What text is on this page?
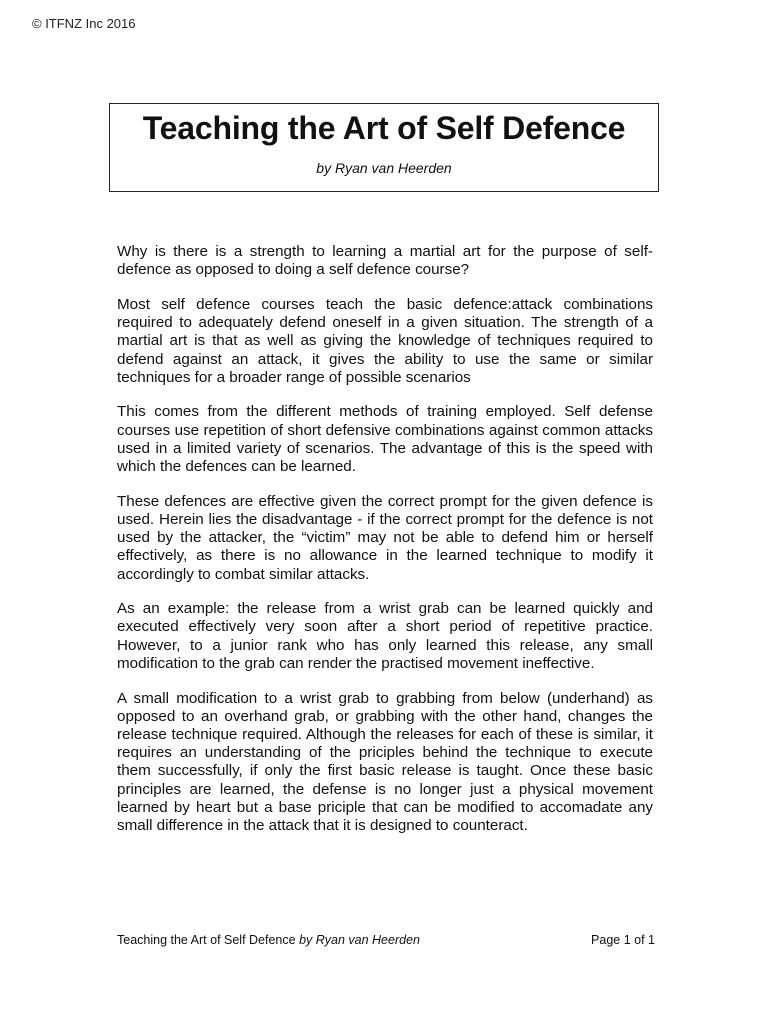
© ITFNZ Inc 2016
Teaching the Art of Self Defence
by Ryan van Heerden

Why is there is a strength to learning a martial art for the purpose of self-defence as opposed to doing a self defence course?

Most self defence courses teach the basic defence:attack combinations required to adequately defend oneself in a given situation. The strength of a martial art is that as well as giving the knowledge of techniques required to defend against an attack, it gives the ability to use the same or similar techniques for a broader range of possible scenarios

This comes from the different methods of training employed. Self defense courses use repetition of short defensive combinations against common attacks used in a limited variety of scenarios. The advantage of this is the speed with which the defences can be learned.

These defences are effective given the correct prompt for the given defence is used. Herein lies the disadvantage - if the correct prompt for the defence is not used by the attacker, the “victim” may not be able to defend him or herself effectively, as there is no allowance in the learned technique to modify it accordingly to combat similar attacks.

As an example: the release from a wrist grab can be learned quickly and executed effectively very soon after a short period of repetitive practice. However, to a junior rank who has only learned this release, any small modification to the grab can render the practised movement ineffective.

A small modification to a wrist grab to grabbing from below (underhand) as opposed to an overhand grab, or grabbing with the other hand, changes the release technique required. Although the releases for each of these is similar, it requires an understanding of the priciples behind the technique to execute them successfully, if only the first basic release is taught. Once these basic principles are learned, the defense is no longer just a physical movement learned by heart but a base priciple that can be modified to accomadate any small difference in the attack that it is designed to counteract.

Teaching the Art of Self Defence by Ryan van Heerden	Page 1 of 1
